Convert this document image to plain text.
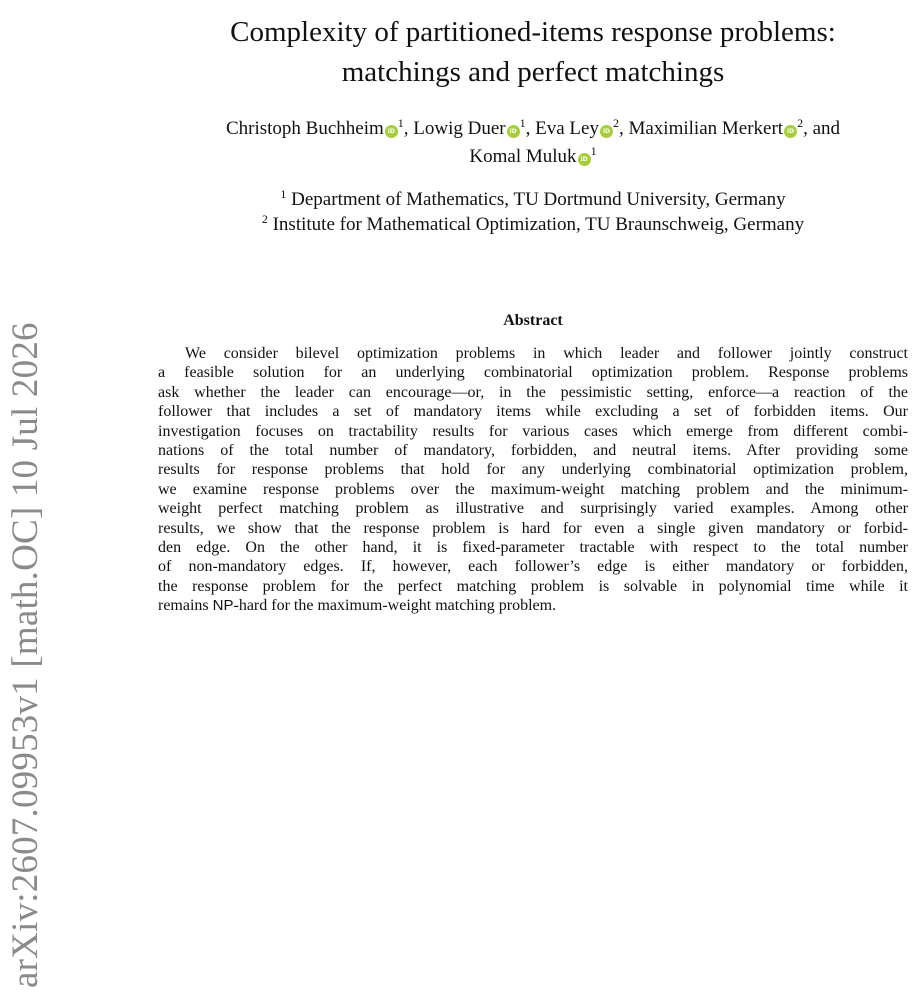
arXiv:2607.09953v1 [math.OC] 10 Jul 2026
Complexity of partitioned-items response problems:
matchings and perfect matchings
Christoph Buchheim $iD^1$, Lowig Duer $iD^1$, Eva Ley $iD^2$, Maximilian Merkert $iD^2$, and
Komal Muluk $iD^1$
$^1$ Department of Mathematics, TU Dortmund University, Germany
$^2$ Institute for Mathematical Optimization, TU Braunschweig, Germany
Abstract
We consider bilevel optimization problems in which leader and follower jointly construct
a feasible solution for an underlying combinatorial optimization problem. Response problems
ask whether the leader can encourage—or, in the pessimistic setting, enforce—a reaction of the
follower that includes a set of mandatory items while excluding a set of forbidden items. Our
investigation focuses on tractability results for various cases which emerge from different combi-
nations of the total number of mandatory, forbidden, and neutral items. After providing some
results for response problems that hold for any underlying combinatorial optimization problem,
we examine response problems over the maximum-weight matching problem and the minimum-
weight perfect matching problem as illustrative and surprisingly varied examples. Among other
results, we show that the response problem is hard for even a single given mandatory or forbid-
den edge. On the other hand, it is fixed-parameter tractable with respect to the total number
of non-mandatory edges. If, however, each follower’s edge is either mandatory or forbidden,
the response problem for the perfect matching problem is solvable in polynomial time while it
remains NP-hard for the maximum-weight matching problem.
